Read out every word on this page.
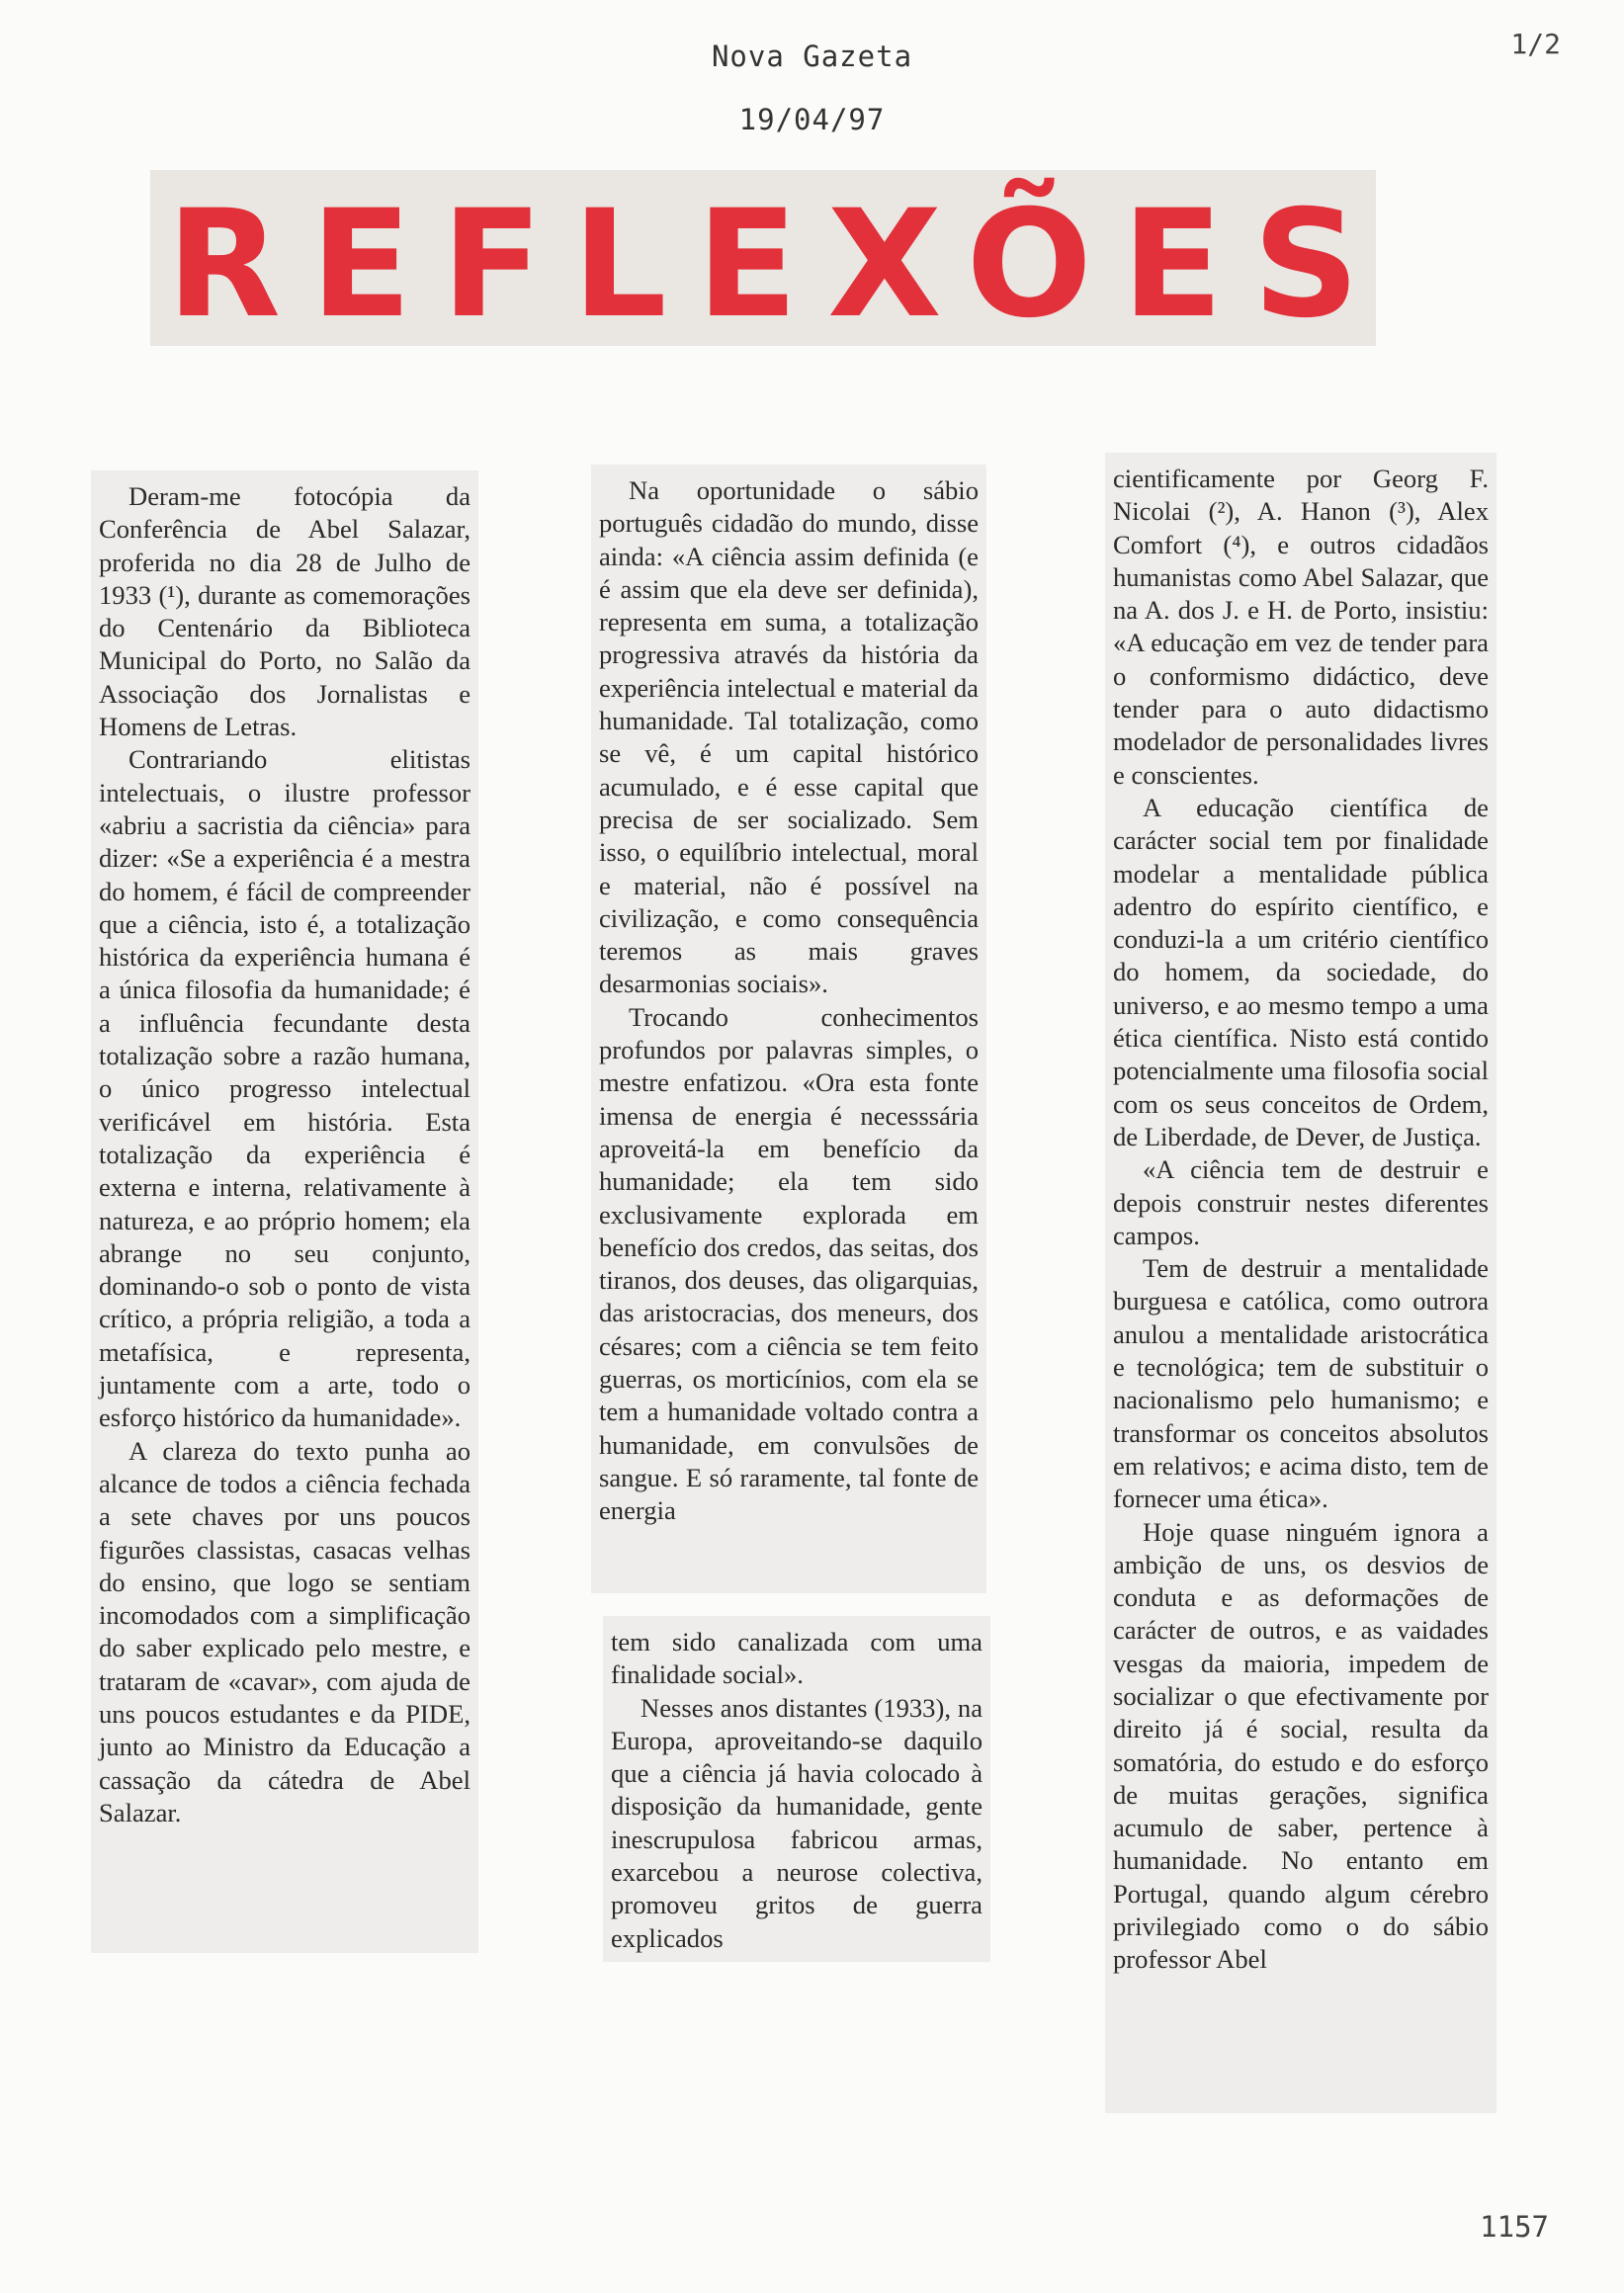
Nova Gazeta
19/04/97
1/2
REFLEXÕES

Deram-me fotocópia da Conferência de Abel Salazar, proferida no dia 28 de Julho de 1933 (¹), durante as comemorações do Centenário da Biblioteca Municipal do Porto, no Salão da Associação dos Jornalistas e Homens de Letras.

Contrariando elitistas intelectuais, o ilustre professor «abriu a sacristia da ciência» para dizer: «Se a experiência é a mestra do homem, é fácil de compreender que a ciência, isto é, a totalização histórica da experiência humana é a única filosofia da humanidade; é a influência fecundante desta totalização sobre a razão humana, o único progresso intelectual verificável em história. Esta totalização da experiência é externa e interna, relativamente à natureza, e ao próprio homem; ela abrange no seu conjunto, dominando-o sob o ponto de vista crítico, a própria religião, a toda a metafísica, e representa, juntamente com a arte, todo o esforço histórico da humanidade».

A clareza do texto punha ao alcance de todos a ciência fechada a sete chaves por uns poucos figurões classistas, casacas velhas do ensino, que logo se sentiam incomodados com a simplificação do saber explicado pelo mestre, e trataram de «cavar», com ajuda de uns poucos estudantes e da PIDE, junto ao Ministro da Educação a cassação da cátedra de Abel Salazar.

Na oportunidade o sábio português cidadão do mundo, disse ainda: «A ciência assim definida (e é assim que ela deve ser definida), representa em suma, a totalização progressiva através da história da experiência intelectual e material da humanidade. Tal totalização, como se vê, é um capital histórico acumulado, e é esse capital que precisa de ser socializado. Sem isso, o equilíbrio intelectual, moral e material, não é possível na civilização, e como consequência teremos as mais graves desarmonias sociais».

Trocando conhecimentos profundos por palavras simples, o mestre enfatizou. «Ora esta fonte imensa de energia é necesssária aproveitá-la em benefício da humanidade; ela tem sido exclusivamente explorada em benefício dos credos, das seitas, dos tiranos, dos deuses, das oligarquias, das aristocracias, dos meneurs, dos césares; com a ciência se tem feito guerras, os morticínios, com ela se tem a humanidade voltado contra a humanidade, em convulsões de sangue. E só raramente, tal fonte de energia

tem sido canalizada com uma finalidade social».

Nesses anos distantes (1933), na Europa, aproveitando-se daquilo que a ciência já havia colocado à disposição da humanidade, gente inescrupulosa fabricou armas, exarcebou a neurose colectiva, promoveu gritos de guerra explicados

cientificamente por Georg F. Nicolai (²), A. Hanon (³), Alex Comfort (⁴), e outros cidadãos humanistas como Abel Salazar, que na A. dos J. e H. de Porto, insistiu: «A educação em vez de tender para o conformismo didáctico, deve tender para o auto didactismo modelador de personalidades livres e conscientes.

A educação científica de carácter social tem por finalidade modelar a mentalidade pública adentro do espírito científico, e conduzi-la a um critério científico do homem, da sociedade, do universo, e ao mesmo tempo a uma ética científica. Nisto está contido potencialmente uma filosofia social com os seus conceitos de Ordem, de Liberdade, de Dever, de Justiça.

«A ciência tem de destruir e depois construir nestes diferentes campos.

Tem de destruir a mentalidade burguesa e católica, como outrora anulou a mentalidade aristocrática e tecnológica; tem de substituir o nacionalismo pelo humanismo; e transformar os conceitos absolutos em relativos; e acima disto, tem de fornecer uma ética».

Hoje quase ninguém ignora a ambição de uns, os desvios de conduta e as deformações de carácter de outros, e as vaidades vesgas da maioria, impedem de socializar o que efectivamente por direito já é social, resulta da somatória, do estudo e do esforço de muitas gerações, significa acumulo de saber, pertence à humanidade. No entanto em Portugal, quando algum cérebro privilegiado como o do sábio professor Abel

1157
